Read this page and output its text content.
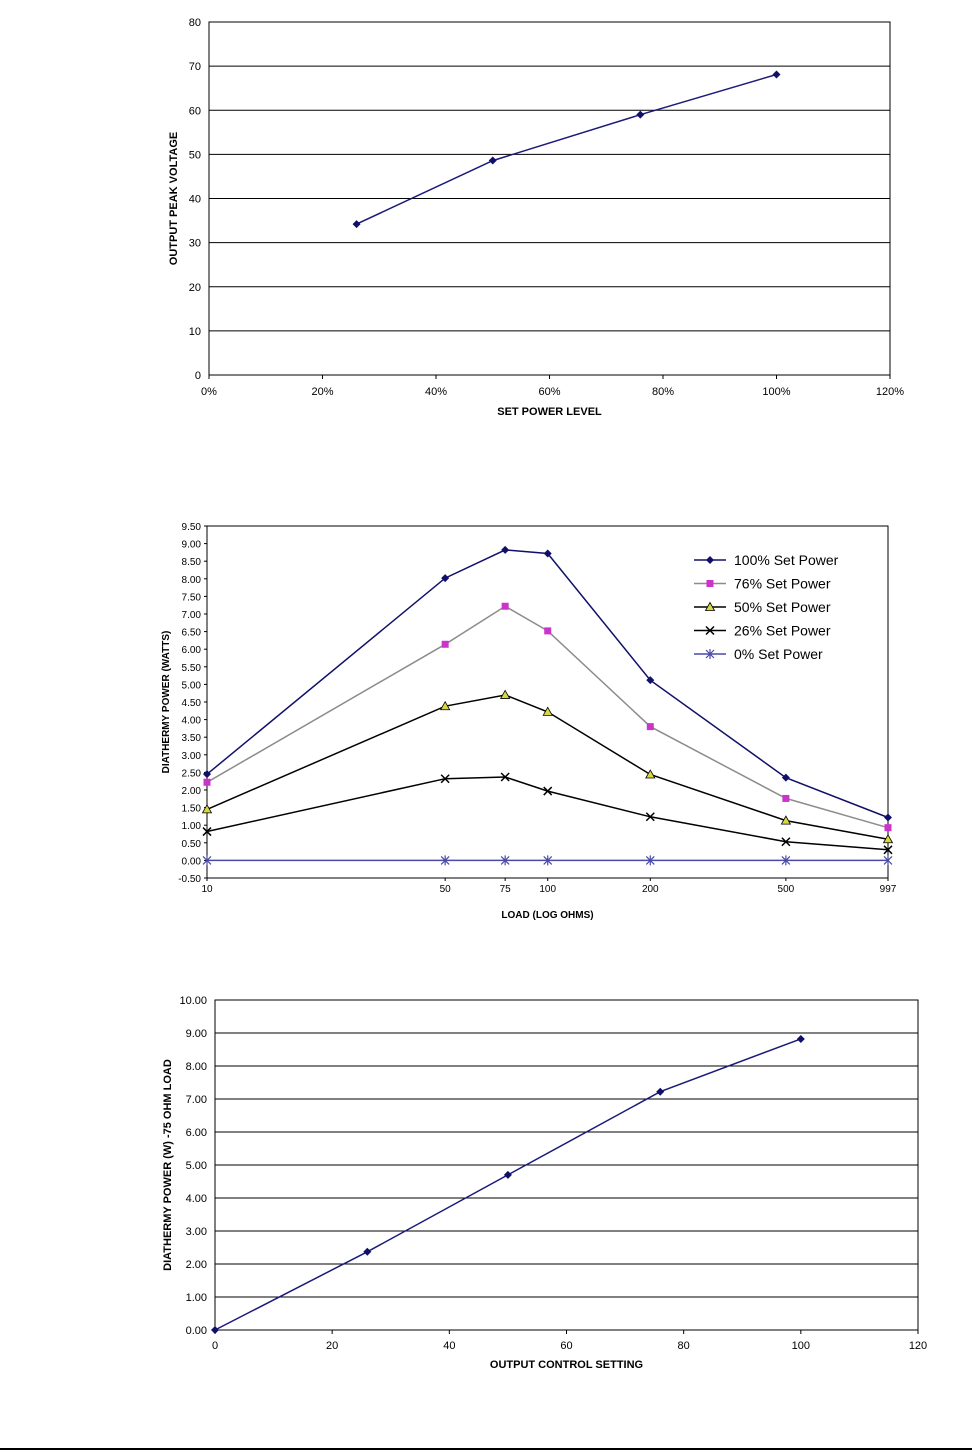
0
10
20
30
40
50
60
70
80
0%	20%	40%	60%	80%	100%	120%
SET POWER LEVEL
OUTPUT PEAK VOLTAGE
-0.50
0.00
0.50
1.00
1.50
2.00
2.50
3.00
3.50
4.00
4.50
5.00
5.50
6.00
6.50
7.00
7.50
8.00
8.50
9.00
9.50
10	50	75	100	200	500	997
100% Set Power
76% Set Power
50% Set Power
26% Set Power
0% Set Power
LOAD (LOG OHMS)
DIATHERMY POWER (WATTS)
0.00
1.00
2.00
3.00
4.00
5.00
6.00
7.00
8.00
9.00
10.00
0	20	40	60	80	100	120
OUTPUT CONTROL SETTING
DIATHERMY POWER (W) -75 OHM LOAD
